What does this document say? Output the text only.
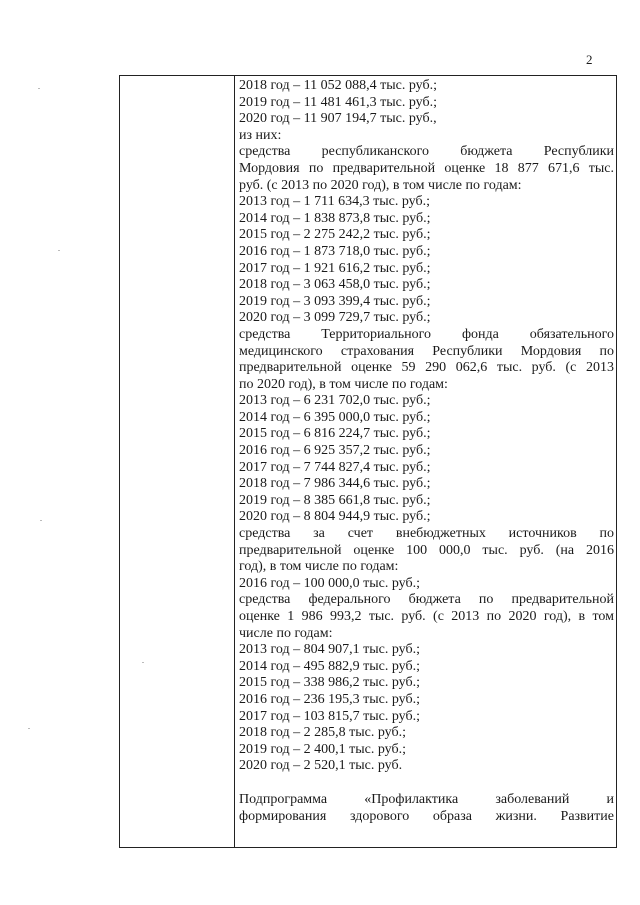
2
2018 год – 11 052 088,4 тыс. руб.;
2019 год – 11 481 461,3 тыс. руб.;
2020 год – 11 907 194,7 тыс. руб.,
из них:
средства республиканского бюджета Республики
Мордовия по предварительной оценке 18 877 671,6 тыс.
руб. (с 2013 по 2020 год), в том числе по годам:
2013 год – 1 711 634,3 тыс. руб.;
2014 год – 1 838 873,8 тыс. руб.;
2015 год – 2 275 242,2 тыс. руб.;
2016 год – 1 873 718,0 тыс. руб.;
2017 год – 1 921 616,2 тыс. руб.;
2018 год – 3 063 458,0 тыс. руб.;
2019 год – 3 093 399,4 тыс. руб.;
2020 год – 3 099 729,7 тыс. руб.;
средства Территориального фонда обязательного
медицинского страхования Республики Мордовия по
предварительной оценке 59 290 062,6 тыс. руб. (с 2013
по 2020 год), в том числе по годам:
2013 год – 6 231 702,0 тыс. руб.;
2014 год – 6 395 000,0 тыс. руб.;
2015 год – 6 816 224,7 тыс. руб.;
2016 год – 6 925 357,2 тыс. руб.;
2017 год – 7 744 827,4 тыс. руб.;
2018 год – 7 986 344,6 тыс. руб.;
2019 год – 8 385 661,8 тыс. руб.;
2020 год – 8 804 944,9 тыс. руб.;
средства за счет внебюджетных источников по
предварительной оценке 100 000,0 тыс. руб. (на 2016
год), в том числе по годам:
2016 год – 100 000,0 тыс. руб.;
средства федерального бюджета по предварительной
оценке 1 986 993,2 тыс. руб. (с 2013 по 2020 год), в том
числе по годам:
2013 год – 804 907,1 тыс. руб.;
2014 год – 495 882,9 тыс. руб.;
2015 год – 338 986,2 тыс. руб.;
2016 год – 236 195,3 тыс. руб.;
2017 год – 103 815,7 тыс. руб.;
2018 год – 2 285,8 тыс. руб.;
2019 год – 2 400,1 тыс. руб.;
2020 год – 2 520,1 тыс. руб.
Подпрограмма «Профилактика заболеваний и
формирования здорового образа жизни. Развитие
